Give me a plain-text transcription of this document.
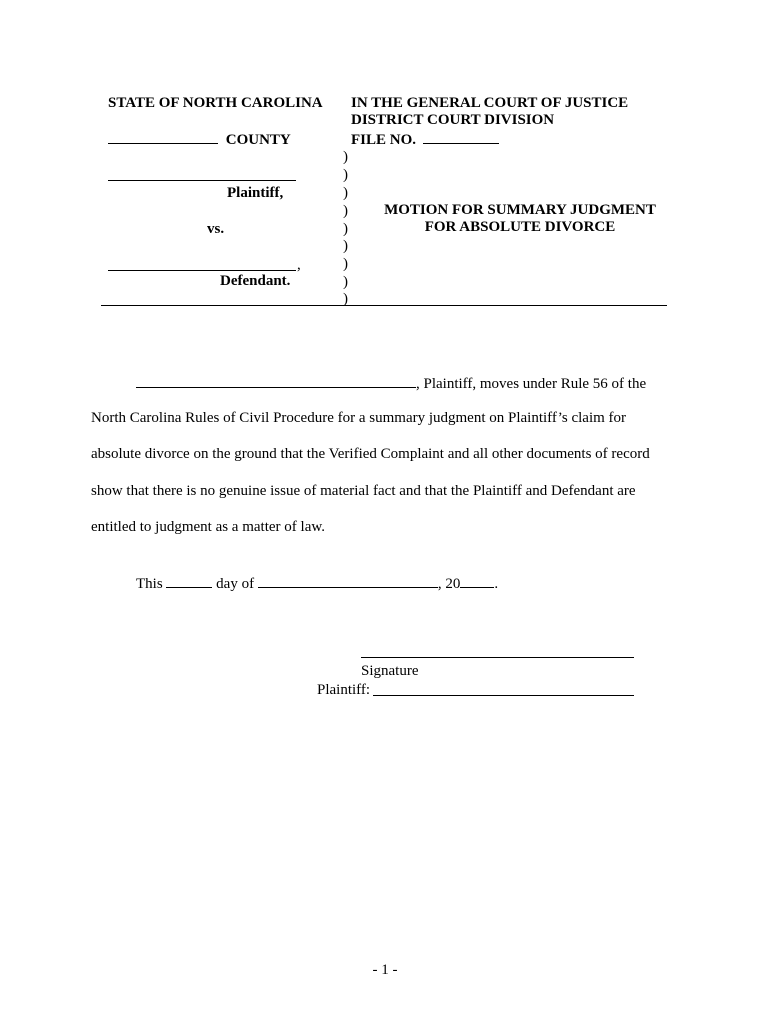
STATE OF NORTH CAROLINA
COUNTY
Plaintiff,
vs.
,
Defendant.
IN THE GENERAL COURT OF JUSTICE
DISTRICT COURT DIVISION
FILE NO.
)
)
)
)
)
)
)
)
)
MOTION FOR SUMMARY JUDGMENT
FOR ABSOLUTE DIVORCE
, Plaintiff, moves under Rule 56 of the
North Carolina Rules of Civil Procedure for a summary judgment on Plaintiff’s claim for
absolute divorce on the ground that the Verified Complaint and all other documents of record
show that there is no genuine issue of material fact and that the Plaintiff and Defendant are
entitled to judgment as a matter of law.
This	day of	, 20 .
Signature
Plaintiff:
- 1 -
